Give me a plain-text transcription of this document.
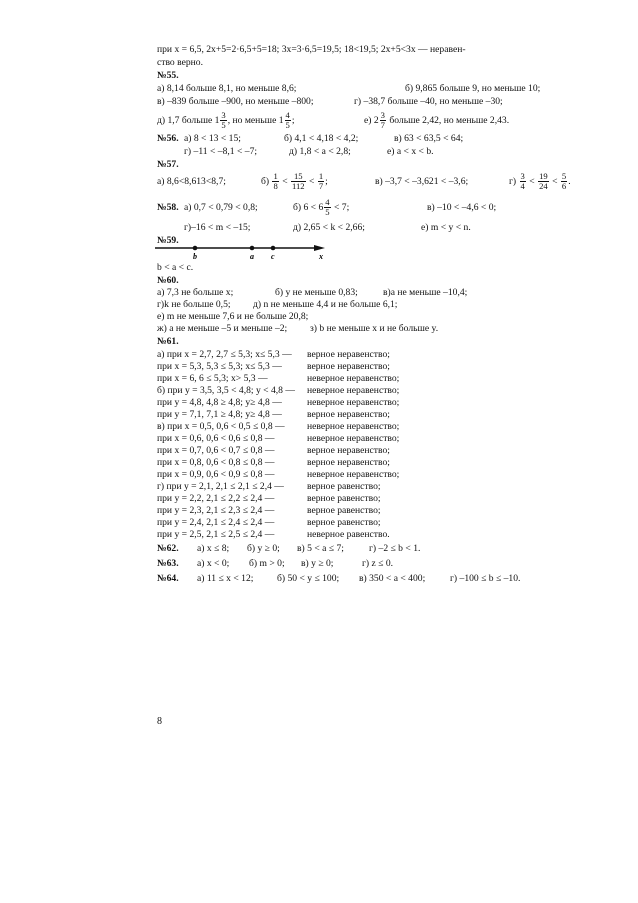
при x = 6,5, 2x+5=2·6,5+5=18; 3x=3·6,5=19,5; 18<19,5; 2x+5<3x — неравен-
ство верно.
№55.
а) 8,14 больше 8,1, но меньше 8,6;	б) 9,865 больше 9, но меньше 10;
в) –839 больше –900, но меньше –800;	г) –38,7 больше –40, но меньше –30;
д) 1,7 больше $1 \frac{3}{5}$ , но меньше $1 \frac{4}{5}$ ;	е) $2 \frac{3}{7}$ больше 2,42, но меньше 2,43.
№56. а) 8 < 13 < 15;	б) 4,1 < 4,18 < 4,2;	в) 63 < 63,5 < 64;
г) –11 < –8,1 < –7;	д) 1,8 < a < 2,8;	е) a < x < b.
№57.
а) 8,6<8,613<8,7;	$б) \frac{1}{8} < \frac{15}{112} < \frac{1}{7}$ ;	в) –3,7 < –3,621 < –3,6;	$г) \frac{3}{4} < \frac{19}{24} < \frac{5}{6}$ .
№58. а) 0,7 < 0,79 < 0,8;	б) $6 < 6 \frac{4}{5} < 7$;	в) –10 < –4,6 < 0;
г)–16 < m < –15;	д) 2,65 < k < 2,66;	е) m < y < n.
№59.
b	a c	x
b < a < c.
№60.
а) 7,3 не больше x;	б) y не меньше 0,83;	в)a не меньше –10,4;
г)k не больше 0,5; д) n не меньше 4,4 и не больше 6,1;
е) m не меньше 7,6 и не больше 20,8;
ж) a не меньше –5 и меньше –2; з) b не меньше x и не больше y.
№61.
а) при x = 2,7, 2,7 ≤ 5,3; x≤ 5,3 — верное неравенство;
при x = 5,3, 5,3 ≤ 5,3; x≤ 5,3 —	верное неравенство;
при x = 6, 6 ≤ 5,3; x> 5,3 —	неверное неравенство;
б) при y = 3,5, 3,5 < 4,8; y < 4,8 — неверное неравенство;
при y = 4,8, 4,8 ≥ 4,8; y≥ 4,8 —	неверное неравенство;
при y = 7,1, 7,1 ≥ 4,8; y≥ 4,8 —	верное неравенство;
в) при x = 0,5, 0,6 < 0,5 ≤ 0,8 — неверное неравенство;
при x = 0,6, 0,6 < 0,6 ≤ 0,8 —	неверное неравенство;
при x = 0,7, 0,6 < 0,7 ≤ 0,8 —	верное неравенство;
при x = 0,8, 0,6 < 0,8 ≤ 0,8 —	верное неравенство;
при x = 0,9, 0,6 < 0,9 ≤ 0,8 —	неверное неравенство;
г) при y = 2,1, 2,1 ≤ 2,1 ≤ 2,4 — верное равенство;
при y = 2,2, 2,1 ≤ 2,2 ≤ 2,4 —	верное равенство;
при y = 2,3, 2,1 ≤ 2,3 ≤ 2,4 —	верное равенство;
при y = 2,4, 2,1 ≤ 2,4 ≤ 2,4 —	верное равенство;
при y = 2,5, 2,1 ≤ 2,5 ≤ 2,4 —	неверное равенство.
№62. а) x ≤ 8; б) y ≥ 0; в) 5 < a ≤ 7;	г) –2 ≤ b < 1.
№63. а) x < 0; б) m > 0; в) y ≥ 0;	г) z ≤ 0.
№64. а) 11 ≤ x < 12; б) 50 < y ≤ 100; в) 350 < a < 400;	г) –100 ≤ b ≤ –10.
8
